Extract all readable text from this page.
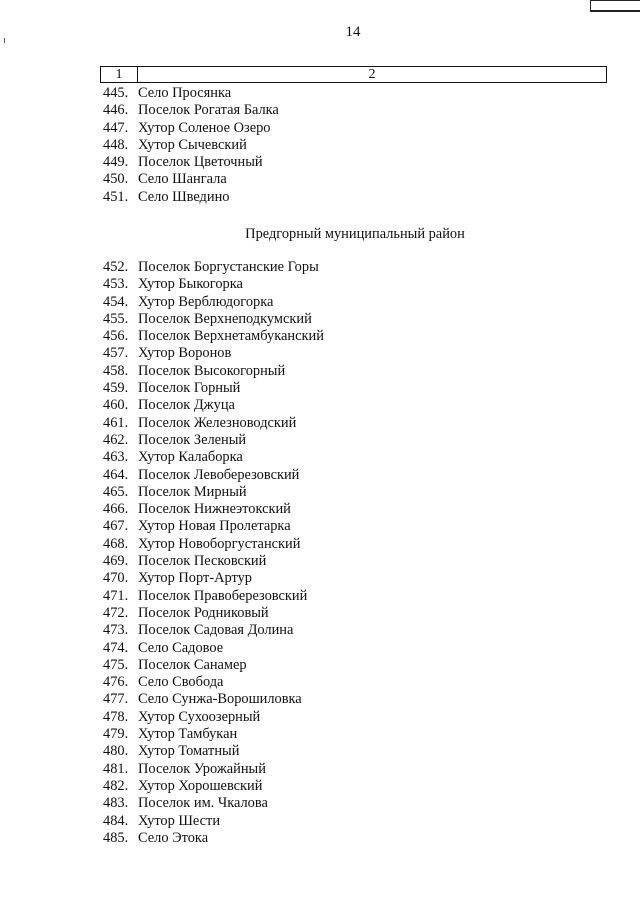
14
1	2
445. Село Просянка
446. Поселок Рогатая Балка
447. Хутор Соленое Озеро
448. Хутор Сычевский
449. Поселок Цветочный
450. Село Шангала
451. Село Шведино
Предгорный муниципальный район
452. Поселок Боргустанские Горы
453. Хутор Быкогорка
454. Хутор Верблюдогорка
455. Поселок Верхнеподкумский
456. Поселок Верхнетамбуканский
457. Хутор Воронов
458. Поселок Высокогорный
459. Поселок Горный
460. Поселок Джуца
461. Поселок Железноводский
462. Поселок Зеленый
463. Хутор Калаборка
464. Поселок Левоберезовский
465. Поселок Мирный
466. Поселок Нижнеэтокский
467. Хутор Новая Пролетарка
468. Хутор Новоборгустанский
469. Поселок Песковский
470. Хутор Порт-Артур
471. Поселок Правоберезовский
472. Поселок Родниковый
473. Поселок Садовая Долина
474. Село Садовое
475. Поселок Санамер
476. Село Свобода
477. Село Сунжа-Ворошиловка
478. Хутор Сухоозерный
479. Хутор Тамбукан
480. Хутор Томатный
481. Поселок Урожайный
482. Хутор Хорошевский
483. Поселок им. Чкалова
484. Хутор Шести
485. Село Этока
